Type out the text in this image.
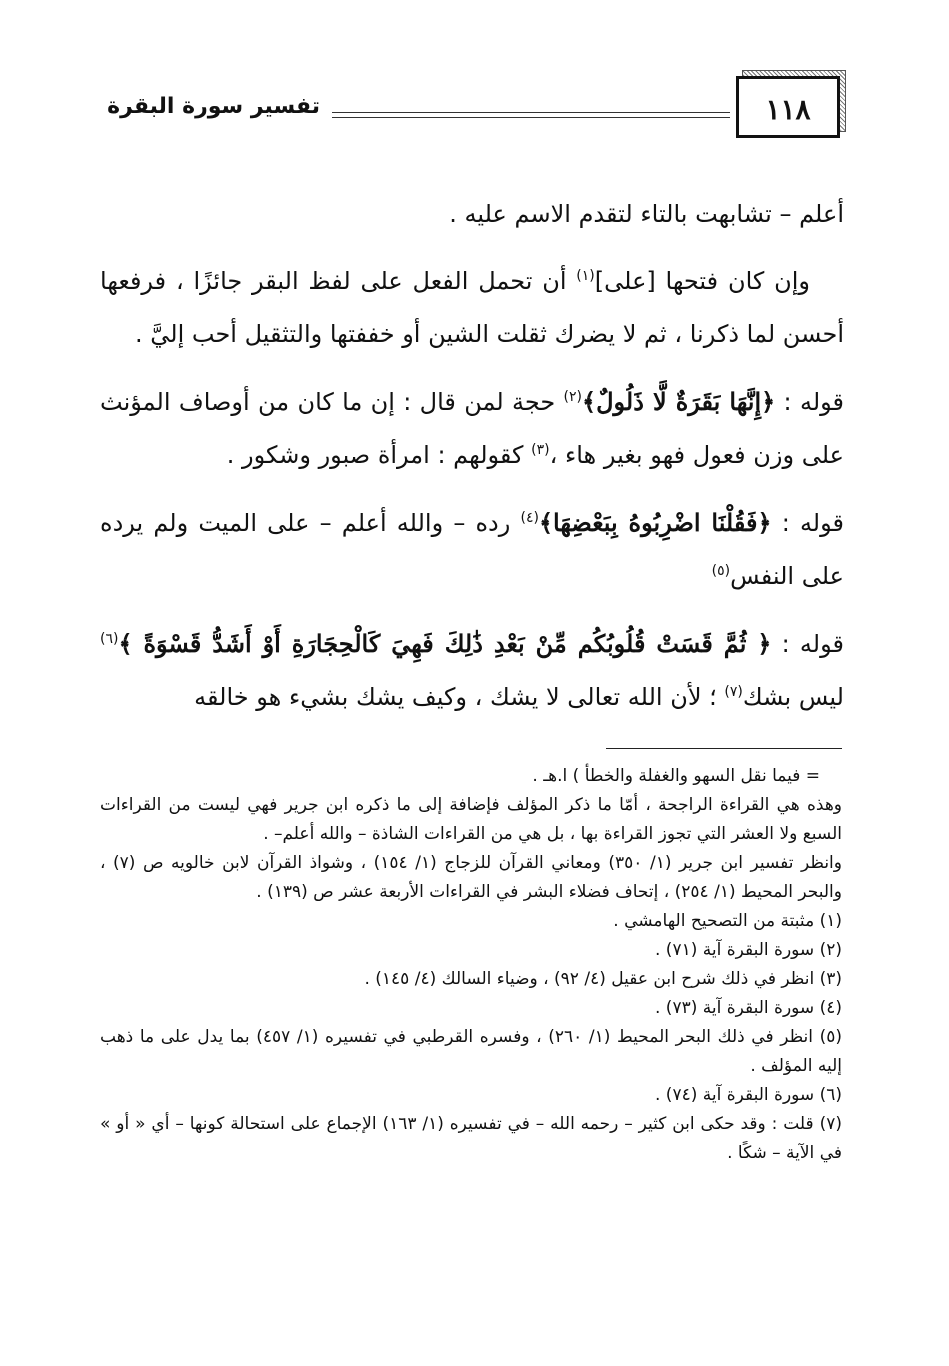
١١٨
تفسير سورة البقرة

أعلم – تشابهت بالتاء لتقدم الاسم عليه .

وإن كان فتحها [على]$^{(١)}$ أن تحمل الفعل على لفظ البقر جائزًا ، فرفعها أحسن لما ذكرنا ، ثم لا يضرك ثقلت الشين أو خففتها والتثقيل أحب إليَّ .

قوله : ﴿إِنَّهَا بَقَرَةٌ لَّا ذَلُولٌ﴾$^{(٢)}$ حجة لمن قال : إن ما كان من أوصاف المؤنث على وزن فعول فهو بغير هاء ،$^{(٣)}$ كقولهم : امرأة صبور وشكور .

قوله : ﴿فَقُلْنَا اضْرِبُوهُ بِبَعْضِهَا﴾$^{(٤)}$ رده – والله أعلم – على الميت ولم يرده على النفس$^{(٥)}$

قوله : ﴿ ثُمَّ قَسَتْ قُلُوبُكُم مِّنْ بَعْدِ ذَٰلِكَ فَهِيَ كَالْحِجَارَةِ أَوْ أَشَدُّ قَسْوَةً ﴾$^{(٦)}$ ليس بشك$^{(٧)}$ ؛ لأن الله تعالى لا يشك ، وكيف يشك بشيء هو خالقه

= فيما نقل السهو والغفلة والخطأ ) ا.هـ .

وهذه هي القراءة الراجحة ، أمّا ما ذكر المؤلف فإضافة إلى ما ذكره ابن جرير فهي ليست من القراءات السبع ولا العشر التي تجوز القراءة بها ، بل هي من القراءات الشاذة – والله أعلم– .

وانظر تفسير ابن جرير (١/ ٣٥٠) ومعاني القرآن للزجاج (١/ ١٥٤) ، وشواذ القرآن لابن خالويه ص (٧) ، والبحر المحيط (١/ ٢٥٤) ، إتحاف فضلاء البشر في القراءات الأربعة عشر ص (١٣٩) .

(١) مثبتة من التصحيح الهامشي .

(٢) سورة البقرة آية (٧١) .

(٣) انظر في ذلك شرح ابن عقيل (٤/ ٩٢) ، وضياء السالك (٤/ ١٤٥) .

(٤) سورة البقرة آية (٧٣) .

(٥) انظر في ذلك البحر المحيط (١/ ٢٦٠) ، وفسره القرطبي في تفسيره (١/ ٤٥٧) بما يدل على ما ذهب إليه المؤلف .

(٦) سورة البقرة آية (٧٤) .

(٧) قلت : وقد حكى ابن كثير – رحمه الله – في تفسيره (١/ ١٦٣) الإجماع على استحالة كونها – أي « أو » في الآية – شكًا .
